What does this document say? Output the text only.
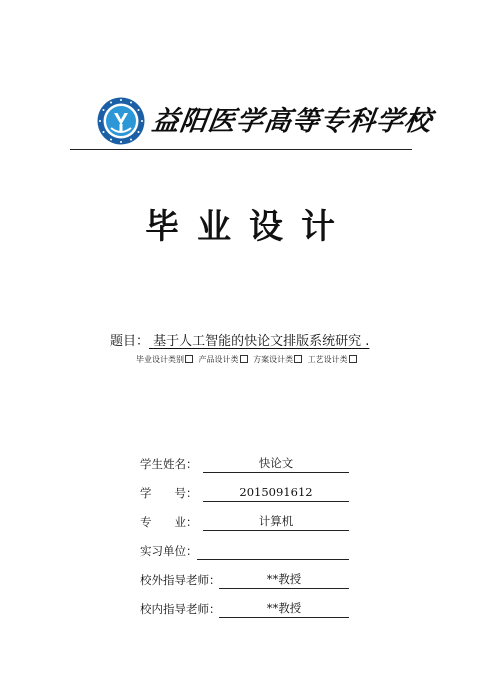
益阳医学高等专科学校
毕业设计
题目： 基于人工智能的快论文排版系统研究 .
毕业设计类别 产品设计类 方案设计类 工艺设计类
学生姓名：	快论文
学　　号：	2015091612
专　　业：	计算机
实习单位：
校外指导老师：	**教授
校内指导老师：	**教授
